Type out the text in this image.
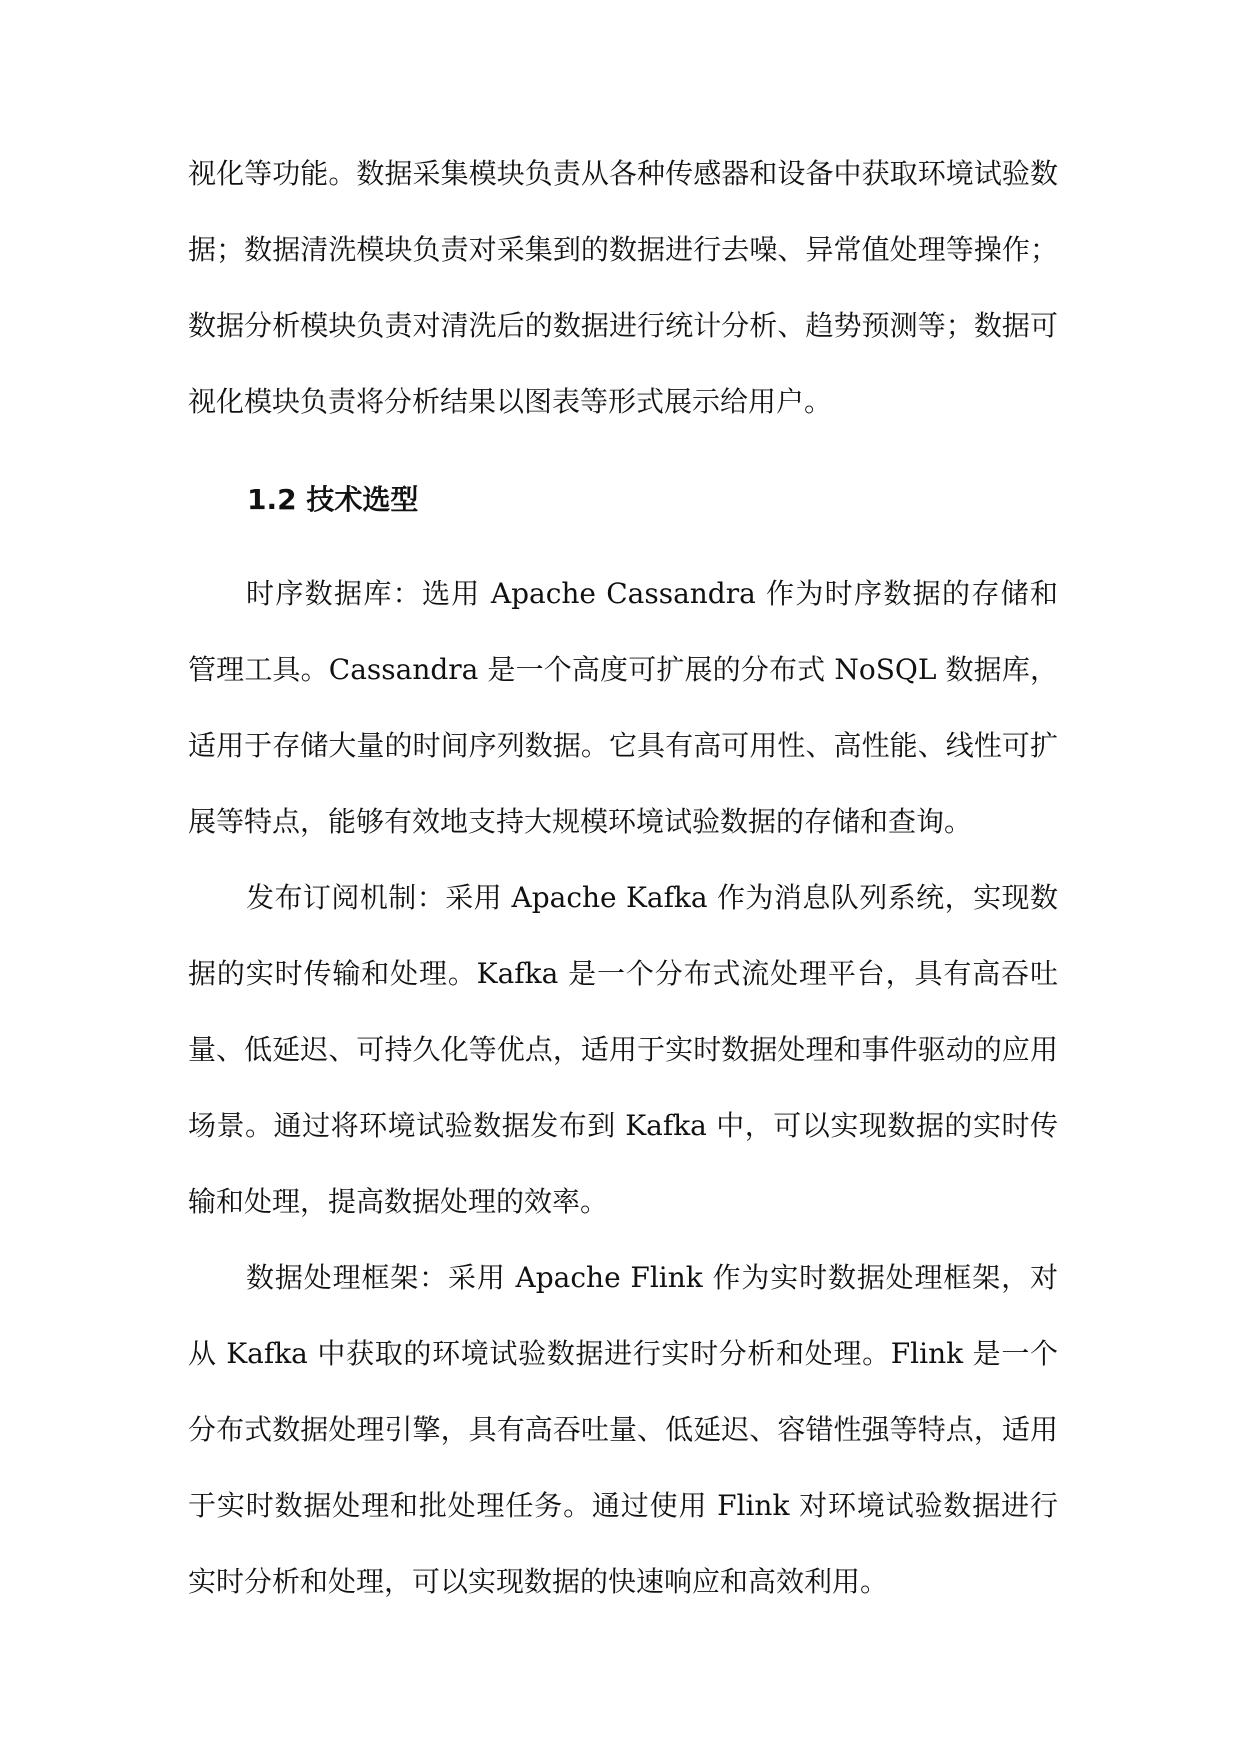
视化等功能。数据采集模块负责从各种传感器和设备中获取环境试验数据；数据清洗模块负责对采集到的数据进行去噪、异常值处理等操作；数据分析模块负责对清洗后的数据进行统计分析、趋势预测等；数据可视化模块负责将分析结果以图表等形式展示给用户。

1.2 技术选型

时序数据库：选用 Apache Cassandra 作为时序数据的存储和管理工具。Cassandra 是一个高度可扩展的分布式 NoSQL 数据库，适用于存储大量的时间序列数据。它具有高可用性、高性能、线性可扩展等特点，能够有效地支持大规模环境试验数据的存储和查询。

发布订阅机制：采用 Apache Kafka 作为消息队列系统，实现数据的实时传输和处理。Kafka 是一个分布式流处理平台，具有高吞吐量、低延迟、可持久化等优点，适用于实时数据处理和事件驱动的应用场景。通过将环境试验数据发布到 Kafka 中，可以实现数据的实时传输和处理，提高数据处理的效率。

数据处理框架：采用 Apache Flink 作为实时数据处理框架，对从 Kafka 中获取的环境试验数据进行实时分析和处理。Flink 是一个分布式数据处理引擎，具有高吞吐量、低延迟、容错性强等特点，适用于实时数据处理和批处理任务。通过使用 Flink 对环境试验数据进行实时分析和处理，可以实现数据的快速响应和高效利用。
